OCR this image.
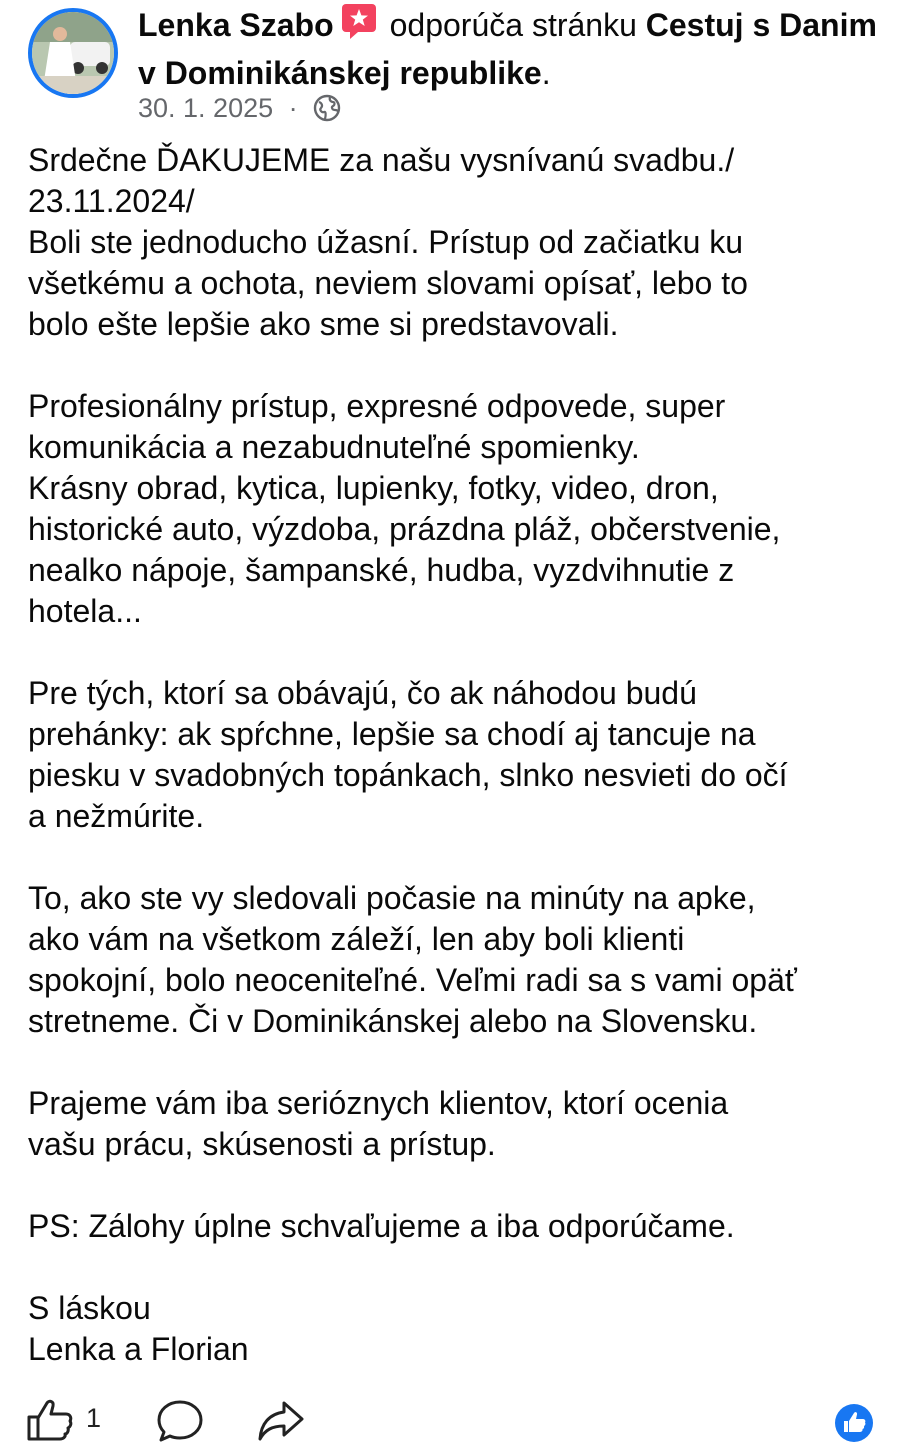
Lenka Szabo odporúča stránku Cestuj s Danim v Dominikánskej republike.
30. 1. 2025 ·
Srdečne ĎAKUJEME za našu vysnívanú svadbu./
23.11.2024/
Boli ste jednoducho úžasní. Prístup od začiatku ku
všetkému a ochota, neviem slovami opísať, lebo to
bolo ešte lepšie ako sme si predstavovali.

Profesionálny prístup, expresné odpovede, super
komunikácia a nezabudnuteľné spomienky.
Krásny obrad, kytica, lupienky, fotky, video, dron,
historické auto, výzdoba, prázdna pláž, občerstvenie,
nealko nápoje, šampanské, hudba, vyzdvihnutie z
hotela...

Pre tých, ktorí sa obávajú, čo ak náhodou budú
prehánky: ak spŕchne, lepšie sa chodí aj tancuje na
piesku v svadobných topánkach, slnko nesvieti do očí
a nežmúrite.

To, ako ste vy sledovali počasie na minúty na apke,
ako vám na všetkom záleží, len aby boli klienti
spokojní, bolo neoceniteľné. Veľmi radi sa s vami opäť
stretneme. Či v Dominikánskej alebo na Slovensku.

Prajeme vám iba serióznych klientov, ktorí ocenia
vašu prácu, skúsenosti a prístup.

PS: Zálohy úplne schvaľujeme a iba odporúčame.

S láskou
Lenka a Florian
1
